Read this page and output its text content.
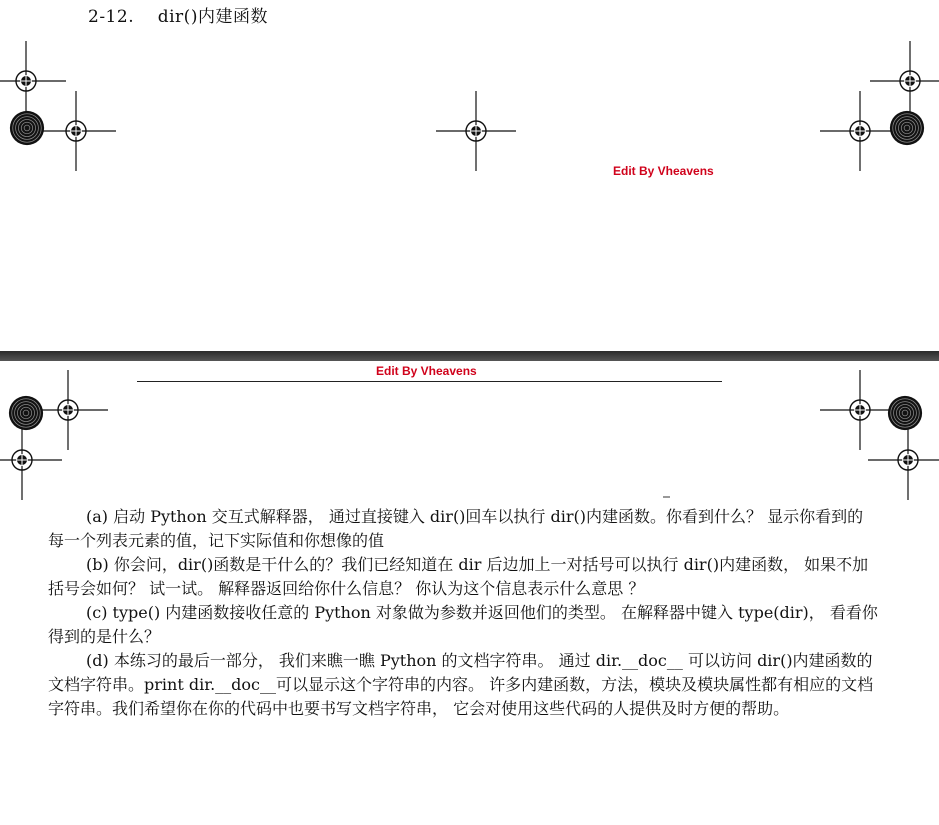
2-12. dir()内建函数
Edit By Vheavens
Edit By Vheavens

(a) 启动 Python 交互式解释器， 通过直接键入 dir()回车以执行 dir()内建函数。你看到什么？ 显示你看到的每一个列表元素的值，记下实际值和你想像的值

(b) 你会问，dir()函数是干什么的？我们已经知道在 dir 后边加上一对括号可以执行 dir()内建函数， 如果不加括号会如何？ 试一试。 解释器返回给你什么信息？ 你认为这个信息表示什么意思 ？

(c) type() 内建函数接收任意的 Python 对象做为参数并返回他们的类型。 在解释器中键入 type(dir)， 看看你得到的是什么？

(d) 本练习的最后一部分， 我们来瞧一瞧 Python 的文档字符串。 通过 dir.__doc__ 可以访问 dir()内建函数的文档字符串。print dir.__doc__可以显示这个字符串的内容。 许多内建函数，方法，模块及模块属性都有相应的文档字符串。我们希望你在你的代码中也要书写文档字符串， 它会对使用这些代码的人提供及时方便的帮助。
